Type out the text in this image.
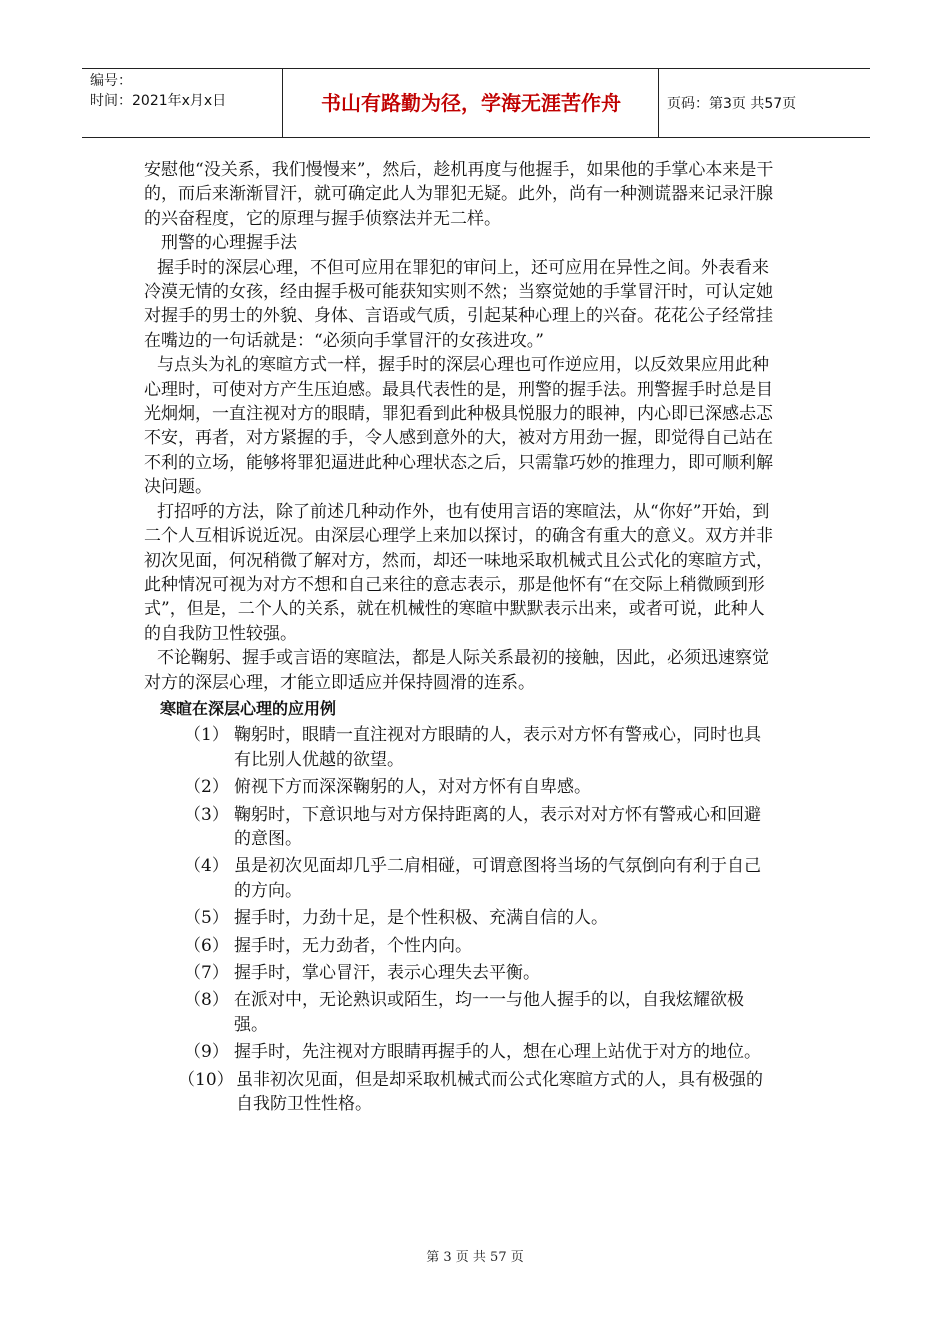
编号：
时间：2021年x月x日	书山有路勤为径，学海无涯苦作舟	页码：第3页 共57页

安慰他“没关系，我们慢慢来”，然后，趁机再度与他握手，如果他的手掌心本来是干的，而后来渐渐冒汗，就可确定此人为罪犯无疑。此外，尚有一种测谎器来记录汗腺的兴奋程度，它的原理与握手侦察法并无二样。

刑警的心理握手法

握手时的深层心理，不但可应用在罪犯的审问上，还可应用在异性之间。外表看来冷漠无情的女孩，经由握手极可能获知实则不然；当察觉她的手掌冒汗时，可认定她对握手的男士的外貌、身体、言语或气质，引起某种心理上的兴奋。花花公子经常挂在嘴边的一句话就是：“必须向手掌冒汗的女孩进攻。”

与点头为礼的寒暄方式一样，握手时的深层心理也可作逆应用，以反效果应用此种心理时，可使对方产生压迫感。最具代表性的是，刑警的握手法。刑警握手时总是目光炯炯，一直注视对方的眼睛，罪犯看到此种极具悦服力的眼神，内心即已深感忐忑不安，再者，对方紧握的手，令人感到意外的大，被对方用劲一握，即觉得自己站在不利的立场，能够将罪犯逼进此种心理状态之后，只需靠巧妙的推理力，即可顺利解决问题。

打招呼的方法，除了前述几种动作外，也有使用言语的寒暄法，从“你好”开始，到二个人互相诉说近况。由深层心理学上来加以探讨，的确含有重大的意义。双方并非初次见面，何况稍微了解对方，然而，却还一味地采取机械式且公式化的寒暄方式，此种情况可视为对方不想和自己来往的意志表示，那是他怀有“在交际上稍微顾到形式”，但是，二个人的关系，就在机械性的寒暄中默默表示出来，或者可说，此种人的自我防卫性较强。

不论鞠躬、握手或言语的寒暄法，都是人际关系最初的接触，因此，必须迅速察觉对方的深层心理，才能立即适应并保持圆滑的连系。

寒暄在深层心理的应用例

（1） 鞠躬时，眼睛一直注视对方眼睛的人，表示对方怀有警戒心，同时也具有比别人优越的欲望。
（2） 俯视下方而深深鞠躬的人，对对方怀有自卑感。
（3） 鞠躬时，下意识地与对方保持距离的人，表示对对方怀有警戒心和回避的意图。
（4） 虽是初次见面却几乎二肩相碰，可谓意图将当场的气氛倒向有利于自己的方向。
（5） 握手时，力劲十足，是个性积极、充满自信的人。
（6） 握手时，无力劲者，个性内向。
（7） 握手时，掌心冒汗，表示心理失去平衡。
（8） 在派对中，无论熟识或陌生，均一一与他人握手的以，自我炫耀欲极强。
（9） 握手时，先注视对方眼睛再握手的人，想在心理上站优于对方的地位。
（10） 虽非初次见面，但是却采取机械式而公式化寒暄方式的人，具有极强的自我防卫性性格。
第 3 页 共 57 页
